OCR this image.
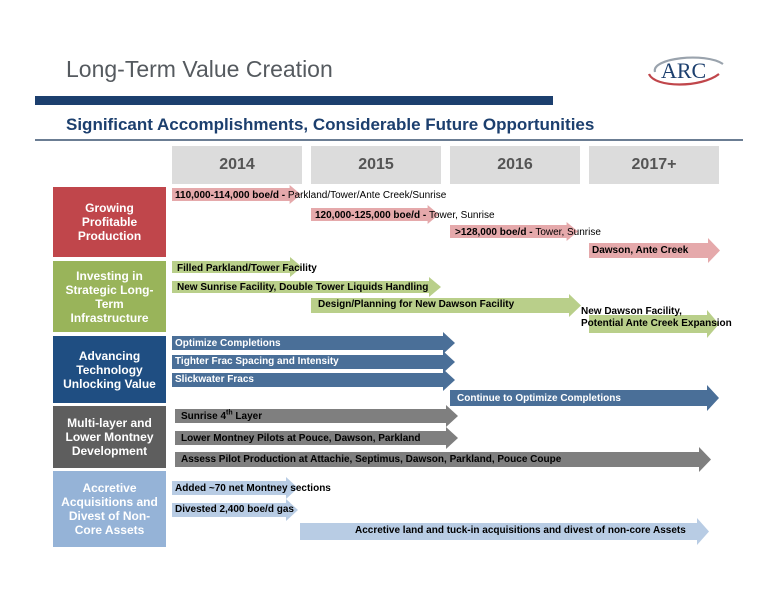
Long-Term Value Creation	ARC
Significant Accomplishments, Considerable Future Opportunities
2014	2015	2016	2017+
Growing Profitable Production
Investing in Strategic Long-Term Infrastructure
Advancing Technology Unlocking Value
Multi-layer and Lower Montney Development
Accretive Acquisitions and Divest of Non-Core Assets
110,000-114,000 boe/d - Parkland/Tower/Ante Creek/Sunrise
120,000-125,000 boe/d - Tower, Sunrise
>128,000 boe/d - Tower, Sunrise
Dawson, Ante Creek
Filled Parkland/Tower Facility
New Sunrise Facility, Double Tower Liquids Handling
Design/Planning for New Dawson Facility
New Dawson Facility,
Potential Ante Creek Expansion
Optimize Completions
Tighter Frac Spacing and Intensity
Slickwater Fracs
Continue to Optimize Completions
Sunrise 4th Layer
Lower Montney Pilots at Pouce, Dawson, Parkland
Assess Pilot Production at Attachie, Septimus, Dawson, Parkland, Pouce Coupe
Added ~70 net Montney sections
Divested 2,400 boe/d gas
Accretive land and tuck-in acquisitions and divest of non-core Assets
